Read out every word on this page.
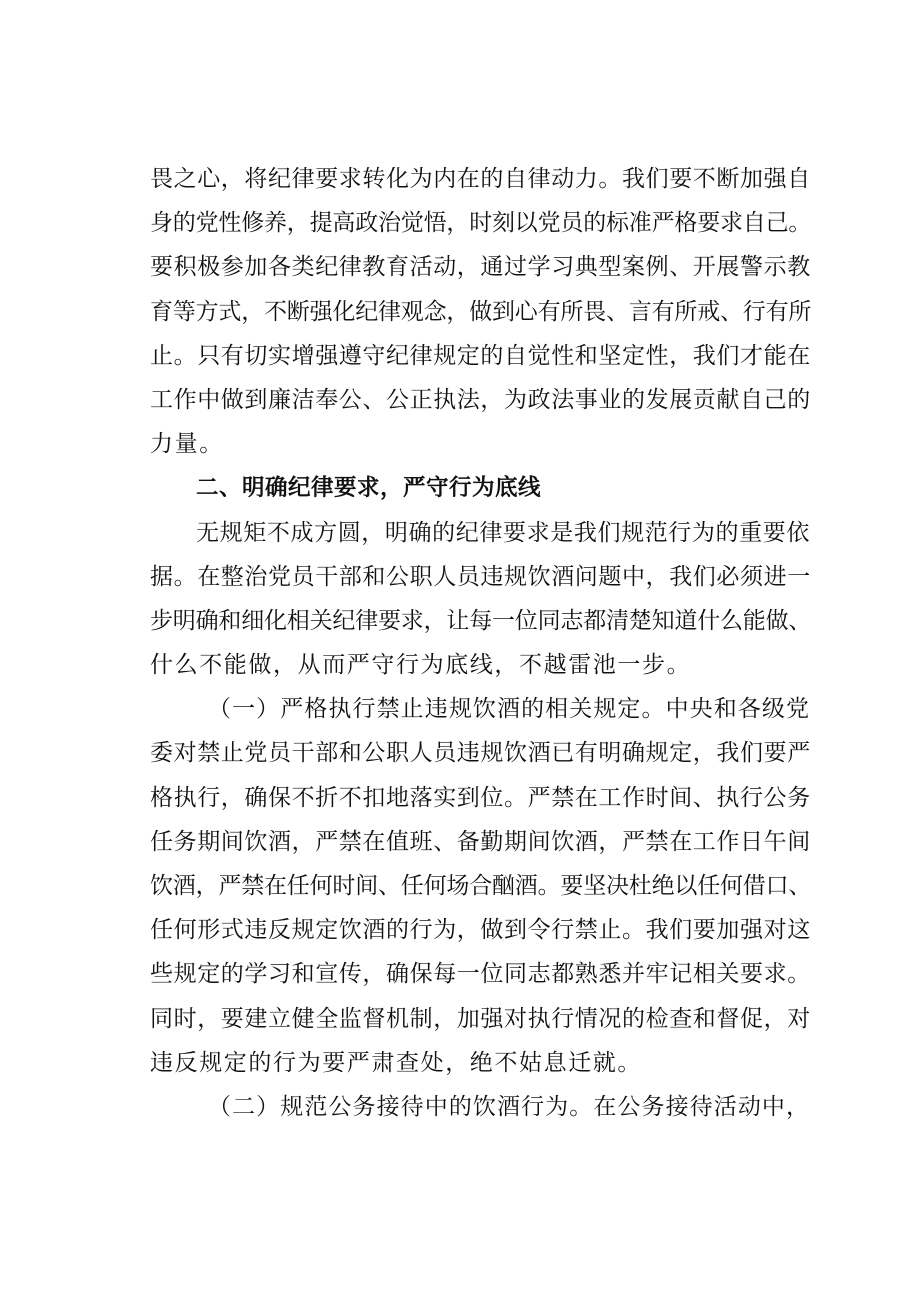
畏之心，将纪律要求转化为内在的自律动力。我们要不断加强自
身的党性修养，提高政治觉悟，时刻以党员的标准严格要求自己。
要积极参加各类纪律教育活动，通过学习典型案例、开展警示教
育等方式，不断强化纪律观念，做到心有所畏、言有所戒、行有所
止。只有切实增强遵守纪律规定的自觉性和坚定性，我们才能在
工作中做到廉洁奉公、公正执法，为政法事业的发展贡献自己的
力量。
二、明确纪律要求，严守行为底线
无规矩不成方圆，明确的纪律要求是我们规范行为的重要依
据。在整治党员干部和公职人员违规饮酒问题中，我们必须进一
步明确和细化相关纪律要求，让每一位同志都清楚知道什么能做、
什么不能做，从而严守行为底线，不越雷池一步。
（一）严格执行禁止违规饮酒的相关规定。中央和各级党
委对禁止党员干部和公职人员违规饮酒已有明确规定，我们要严
格执行，确保不折不扣地落实到位。严禁在工作时间、执行公务
任务期间饮酒，严禁在值班、备勤期间饮酒，严禁在工作日午间
饮酒，严禁在任何时间、任何场合酗酒。要坚决杜绝以任何借口、
任何形式违反规定饮酒的行为，做到令行禁止。我们要加强对这
些规定的学习和宣传，确保每一位同志都熟悉并牢记相关要求。
同时，要建立健全监督机制，加强对执行情况的检查和督促，对
违反规定的行为要严肃查处，绝不姑息迁就。
（二）规范公务接待中的饮酒行为。在公务接待活动中，
